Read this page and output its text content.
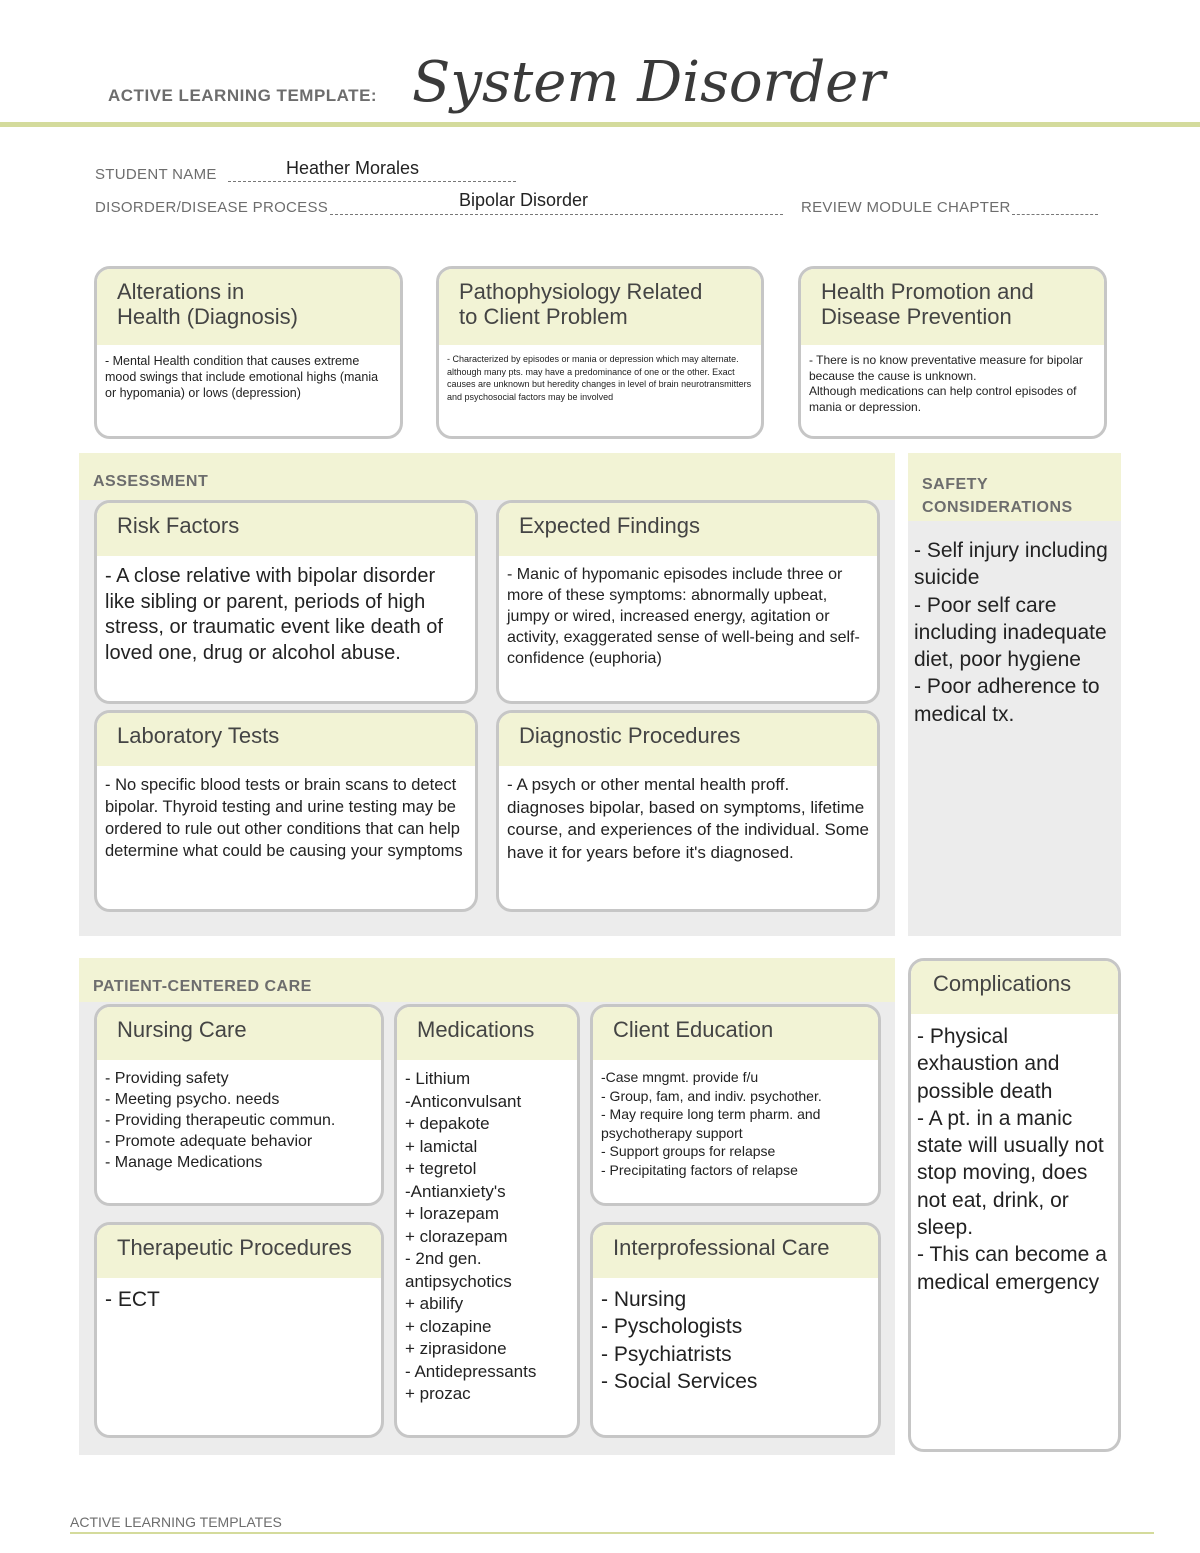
ACTIVE LEARNING TEMPLATE: System Disorder
STUDENT NAME	Heather Morales
DISORDER/DISEASE PROCESS	Bipolar Disorder	REVIEW MODULE CHAPTER
Alterations in
Health (Diagnosis)
- Mental Health condition that causes extreme mood swings that include emotional highs (mania or hypomania) or lows (depression)
Pathophysiology Related
to Client Problem
- Characterized by episodes or mania or depression which may alternate. although many pts. may have a predominance of one or the other. Exact causes are unknown but heredity changes in level of brain neurotransmitters and psychosocial factors may be involved
Health Promotion and
Disease Prevention
- There is no know preventative measure for bipolar because the cause is unknown.
Although medications can help control episodes of mania or depression.
ASSESSMENT
Risk Factors
- A close relative with bipolar disorder like sibling or parent, periods of high stress, or traumatic event like death of loved one, drug or alcohol abuse.
Expected Findings
- Manic of hypomanic episodes include three or more of these symptoms: abnormally upbeat, jumpy or wired, increased energy, agitation or activity, exaggerated sense of well-being and self-confidence (euphoria)
Laboratory Tests
- No specific blood tests or brain scans to detect bipolar. Thyroid testing and urine testing may be ordered to rule out other conditions that can help determine what could be causing your symptoms
Diagnostic Procedures
- A psych or other mental health proff. diagnoses bipolar, based on symptoms, lifetime course, and experiences of the individual. Some have it for years before it's diagnosed.
SAFETY
CONSIDERATIONS
- Self injury including suicide
- Poor self care including inadequate diet, poor hygiene
- Poor adherence to medical tx.
PATIENT-CENTERED CARE
Nursing Care
- Providing safety
- Meeting psycho. needs
- Providing therapeutic commun.
- Promote adequate behavior
- Manage Medications
Medications
- Lithium
-Anticonvulsant
+ depakote
+ lamictal
+ tegretol
-Antianxiety's
+ lorazepam
+ clorazepam
- 2nd gen. antipsychotics
+ abilify
+ clozapine
+ ziprasidone
- Antidepressants
+ prozac
Client Education
-Case mngmt. provide f/u
- Group, fam, and indiv. psychother.
- May require long term pharm. and psychotherapy support
- Support groups for relapse
- Precipitating factors of relapse
Therapeutic Procedures
- ECT
Interprofessional Care
- Nursing
- Pyschologists
- Psychiatrists
- Social Services
Complications
- Physical exhaustion and possible death
- A pt. in a manic state will usually not stop moving, does not eat, drink, or sleep.
- This can become a medical emergency
ACTIVE LEARNING TEMPLATES
